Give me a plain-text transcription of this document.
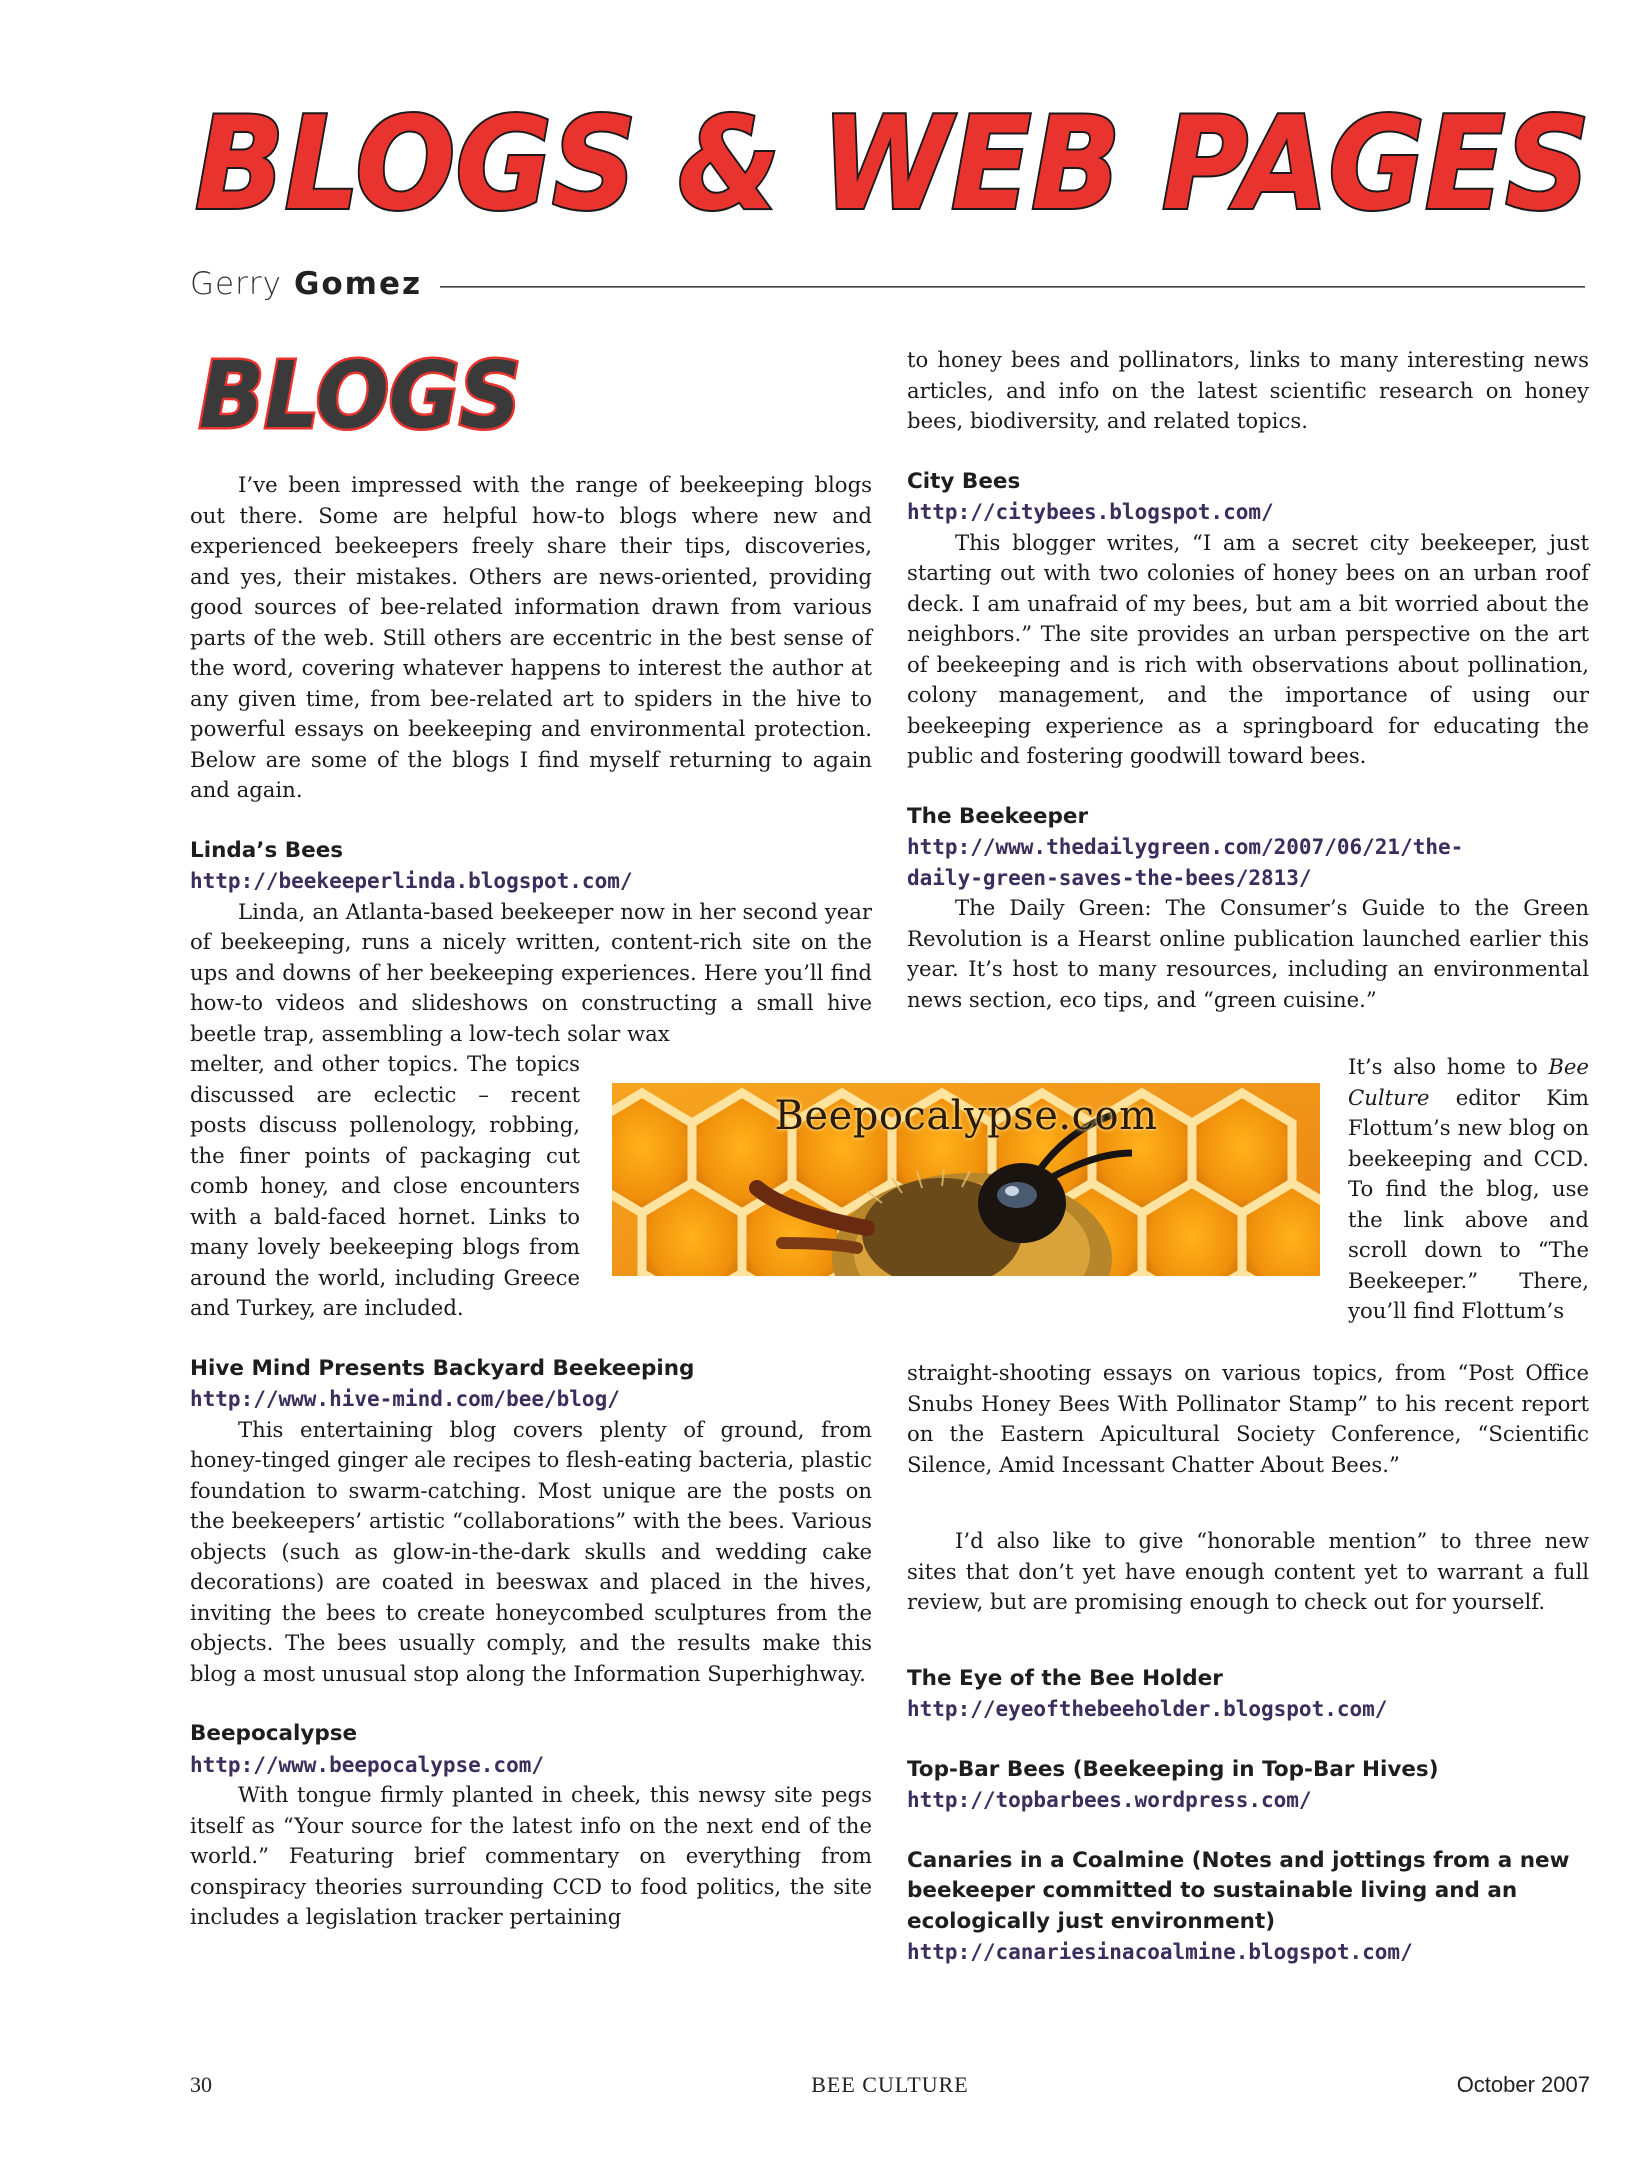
BLOGS & WEB PAGES
Gerry Gomez
BLOGS

I’ve been impressed with the range of beekeeping blogs out there. Some are helpful how-to blogs where new and experienced beekeepers freely share their tips, discoveries, and yes, their mistakes. Others are news-oriented, providing good sources of bee-related information drawn from various parts of the web. Still others are eccentric in the best sense of the word, covering whatever happens to interest the author at any given time, from bee-related art to spiders in the hive to powerful essays on beekeeping and environmental protection. Below are some of the blogs I find myself returning to again and again.

Linda’s Bees

http://beekeeperlinda.blogspot.com/

Linda, an Atlanta-based beekeeper now in her second year of beekeeping, runs a nicely written, content-rich site on the ups and downs of her beekeeping experiences. Here you’ll find how-to videos and slideshows on constructing a small hive beetle trap, assembling a low-tech solar wax

melter, and other topics. The topics discussed are eclectic – recent posts discuss pollenology, robbing, the finer points of packaging cut comb honey, and close encounters with a bald-faced hornet. Links to many lovely beekeeping blogs from around the world, including Greece and Turkey, are included.

Hive Mind Presents Backyard Beekeeping

http://www.hive-mind.com/bee/blog/

This entertaining blog covers plenty of ground, from honey-tinged ginger ale recipes to flesh-eating bacteria, plastic foundation to swarm-catching. Most unique are the posts on the beekeepers’ artistic “collaborations” with the bees. Various objects (such as glow-in-the-dark skulls and wedding cake decorations) are coated in beeswax and placed in the hives, inviting the bees to create honeycombed sculptures from the objects. The bees usually comply, and the results make this blog a most unusual stop along the Information Superhighway.

Beepocalypse

http://www.beepocalypse.com/

With tongue firmly planted in cheek, this newsy site pegs itself as “Your source for the latest info on the next end of the world.” Featuring brief commentary on everything from conspiracy theories surrounding CCD to food politics, the site includes a legislation tracker pertaining

to honey bees and pollinators, links to many interesting news articles, and info on the latest scientific research on honey bees, biodiversity, and related topics.

City Bees

http://citybees.blogspot.com/

This blogger writes, “I am a secret city beekeeper, just starting out with two colonies of honey bees on an urban roof deck. I am unafraid of my bees, but am a bit worried about the neighbors.” The site provides an urban perspective on the art of beekeeping and is rich with observations about pollination, colony management, and the importance of using our beekeeping experience as a springboard for educating the public and fostering goodwill toward bees.

The Beekeeper

http://www.thedailygreen.com/2007/06/21/the-

daily-green-saves-the-bees/2813/

The Daily Green: The Consumer’s Guide to the Green Revolution is a Hearst online publication launched earlier this year. It’s host to many resources, including an environmental news section, eco tips, and “green cuisine.”

It’s also home to Bee Culture editor Kim Flottum’s new blog on beekeeping and CCD. To find the blog, use the link above and scroll down to “The Beekeeper.” There, you’ll find Flottum’s

straight-shooting essays on various topics, from “Post Office Snubs Honey Bees With Pollinator Stamp” to his recent report on the Eastern Apicultural Society Conference, “Scientific Silence, Amid Incessant Chatter About Bees.”

I’d also like to give “honorable mention” to three new sites that don’t yet have enough content yet to warrant a full review, but are promising enough to check out for yourself.

The Eye of the Bee Holder

http://eyeofthebeeholder.blogspot.com/

Top-Bar Bees (Beekeeping in Top-Bar Hives)

http://topbarbees.wordpress.com/

Canaries in a Coalmine (Notes and jottings from a new beekeeper committed to sustainable living and an ecologically just environment)

http://canariesinacoalmine.blogspot.com/

Beepocalypse.com
30	BEE CULTURE	October 2007
